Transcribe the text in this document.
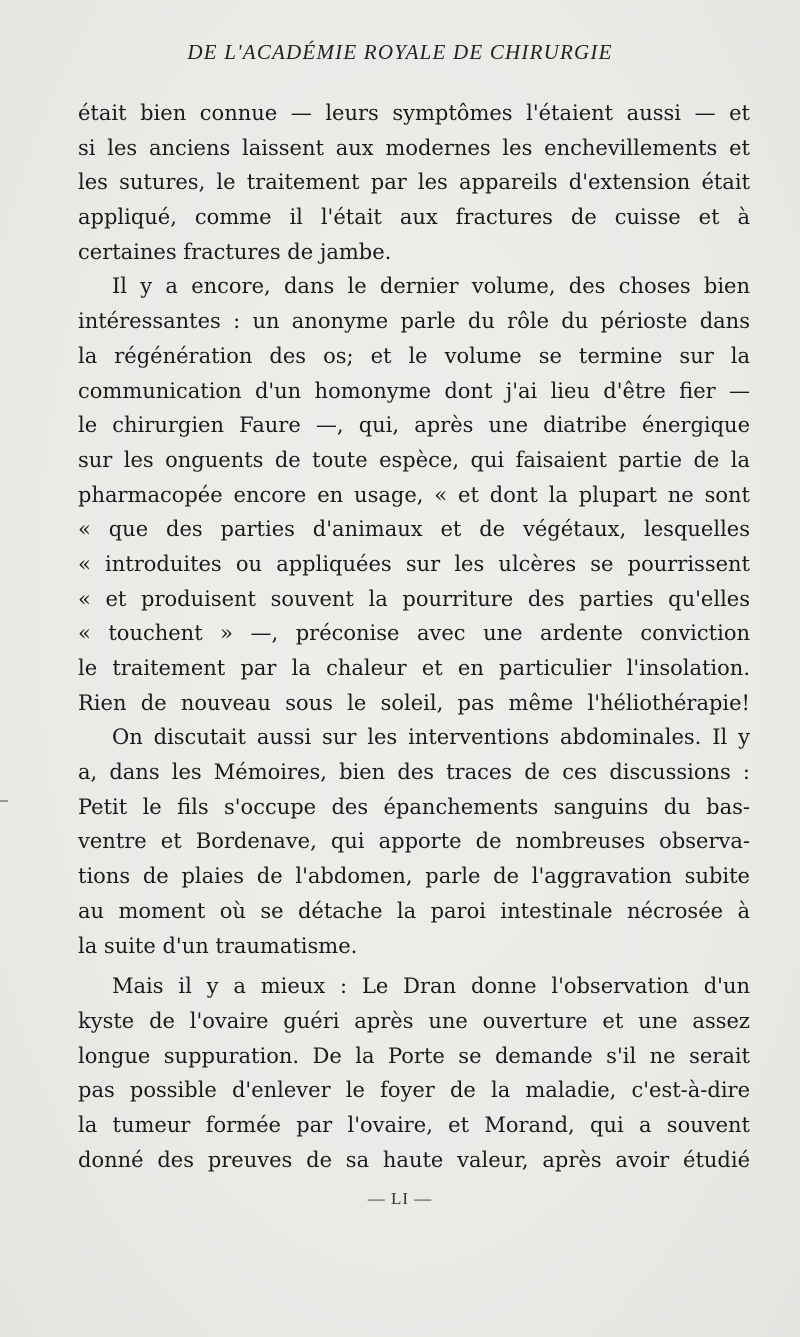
DE L'ACADÉMIE ROYALE DE CHIRURGIE
était bien connue — leurs symptômes l'étaient aussi — et
si les anciens laissent aux modernes les enchevillements et
les sutures, le traitement par les appareils d'extension était
appliqué, comme il l'était aux fractures de cuisse et à
certaines fractures de jambe.
Il y a encore, dans le dernier volume, des choses bien
intéressantes : un anonyme parle du rôle du périoste dans
la régénération des os; et le volume se termine sur la
communication d'un homonyme dont j'ai lieu d'être fier —
le chirurgien Faure —, qui, après une diatribe énergique
sur les onguents de toute espèce, qui faisaient partie de la
pharmacopée encore en usage, « et dont la plupart ne sont
« que des parties d'animaux et de végétaux, lesquelles
« introduites ou appliquées sur les ulcères se pourrissent
« et produisent souvent la pourriture des parties qu'elles
« touchent » —, préconise avec une ardente conviction
le traitement par la chaleur et en particulier l'insolation.
Rien de nouveau sous le soleil, pas même l'héliothérapie!
On discutait aussi sur les interventions abdominales. Il y
a, dans les Mémoires, bien des traces de ces discussions :
Petit le fils s'occupe des épanchements sanguins du bas-
ventre et Bordenave, qui apporte de nombreuses observa-
tions de plaies de l'abdomen, parle de l'aggravation subite
au moment où se détache la paroi intestinale nécrosée à
la suite d'un traumatisme.
Mais il y a mieux : Le Dran donne l'observation d'un
kyste de l'ovaire guéri après une ouverture et une assez
longue suppuration. De la Porte se demande s'il ne serait
pas possible d'enlever le foyer de la maladie, c'est-à-dire
la tumeur formée par l'ovaire, et Morand, qui a souvent
donné des preuves de sa haute valeur, après avoir étudié
— LI —
